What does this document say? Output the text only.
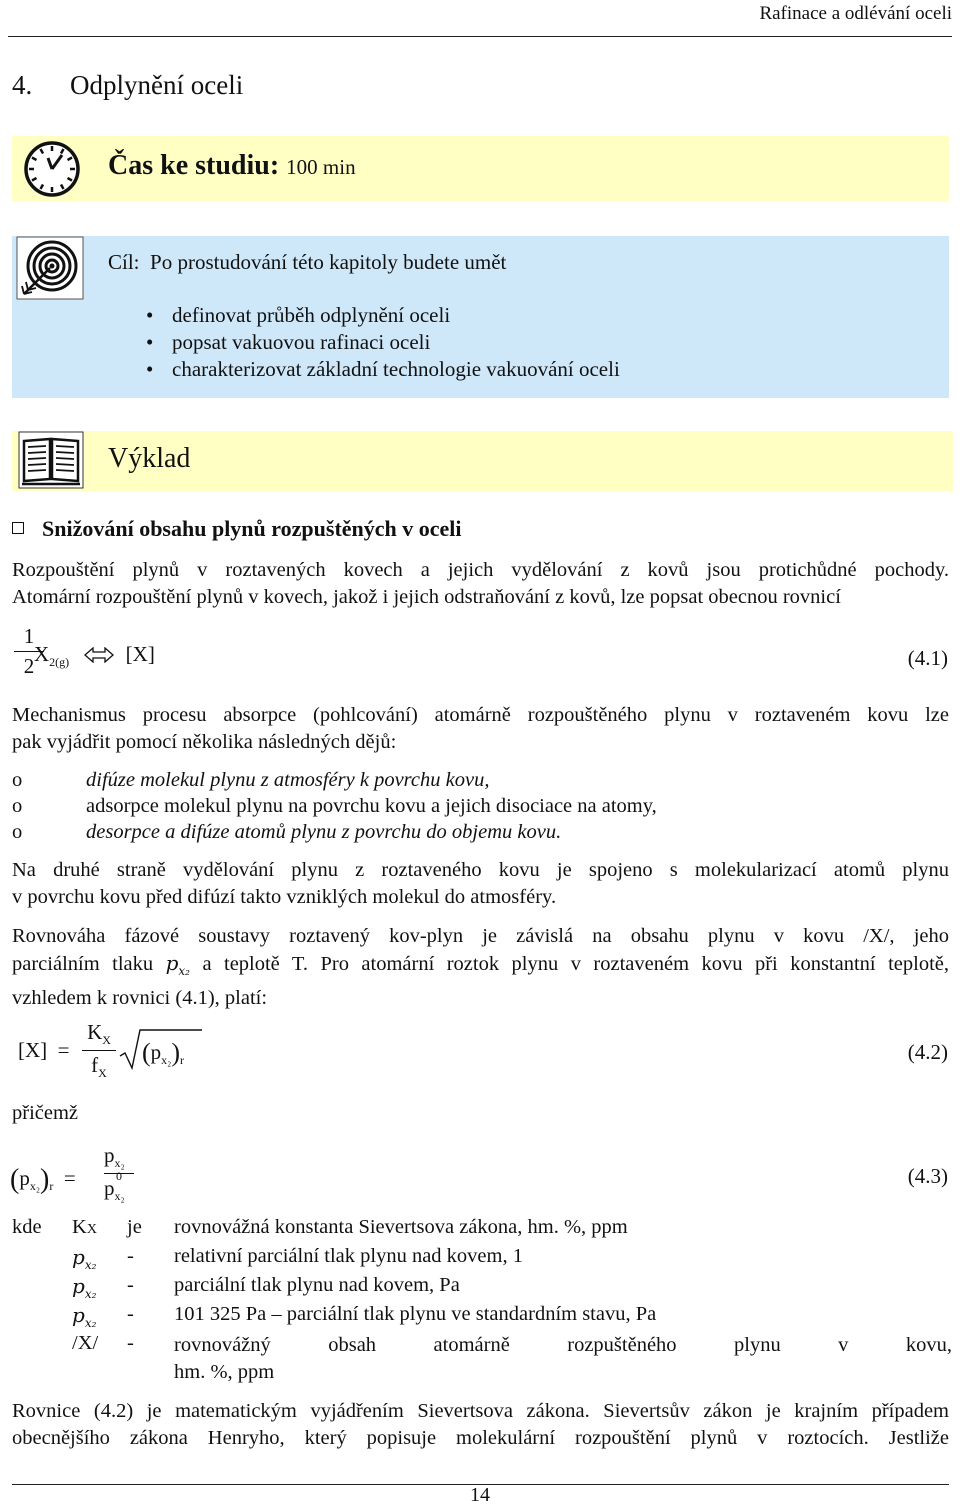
Rafinace a odlévání oceli
4. Odplynění oceli
Čas ke studiu: 100 min
Cíl: Po prostudování této kapitoly budete umět
• definovat průběh odplynění oceli
• popsat vakuovou rafinaci oceli
• charakterizovat základní technologie vakuování oceli
Výklad
Snižování obsahu plynů rozpuštěných v oceli
Rozpouštění plynů v roztavených kovech a jejich vydělování z kovů jsou protichůdné pochody.
Atomární rozpouštění plynů v kovech, jakož i jejich odstraňování z kovů, lze popsat obecnou rovnicí
1
2 $X_{2(g)}$ ⇌ [X]	(4.1)
Mechanismus procesu absorpce (pohlcování) atomárně rozpouštěného plynu v roztaveném kovu lze
pak vyjádřit pomocí několika následných dějů:
o	difúze molekul plynu z atmosféry k povrchu kovu,
o	adsorpce molekul plynu na povrchu kovu a jejich disociace na atomy,
o	desorpce a difúze atomů plynu z povrchu do objemu kovu.
Na druhé straně vydělování plynu z roztaveného kovu je spojeno s molekularizací atomů plynu
v povrchu kovu před difúzí takto vzniklých molekul do atmosféry.
Rovnováha fázové soustavy roztavený kov-plyn je závislá na obsahu plynu v kovu /X/, jeho
parciálním tlaku $p_{x_2}$ a teplotě T. Pro atomární roztok plynu v roztaveném kovu při konstantní teplotě,
vzhledem k rovnici (4.1), platí:
[X] =
$K_X$
$f_X$
$(p_{x_2})_r$	(4.2)
přičemž
$(p_{x_2})_r$ =
$p_{x_2}$
p 0
$_{x_2}$
(4.3)
kde KX je rovnovážná konstanta Sievertsova zákona, hm. %, ppm
$p_{x_2}$ - relativní parciální tlak plynu nad kovem, 1
$p_{x_2}$ - parciální tlak plynu nad kovem, Pa
$p_{x_2} - 101$ 325 Pa – parciální tlak plynu ve standardním stavu, Pa
/X/ - rovnovážný obsah atomárně rozpuštěného plynu v kovu,
hm. %, ppm
Rovnice (4.2) je matematickým vyjádřením Sievertsova zákona. Sievertsův zákon je krajním případem
obecnějšího zákona Henryho, který popisuje molekulární rozpouštění plynů v roztocích. Jestliže
14
